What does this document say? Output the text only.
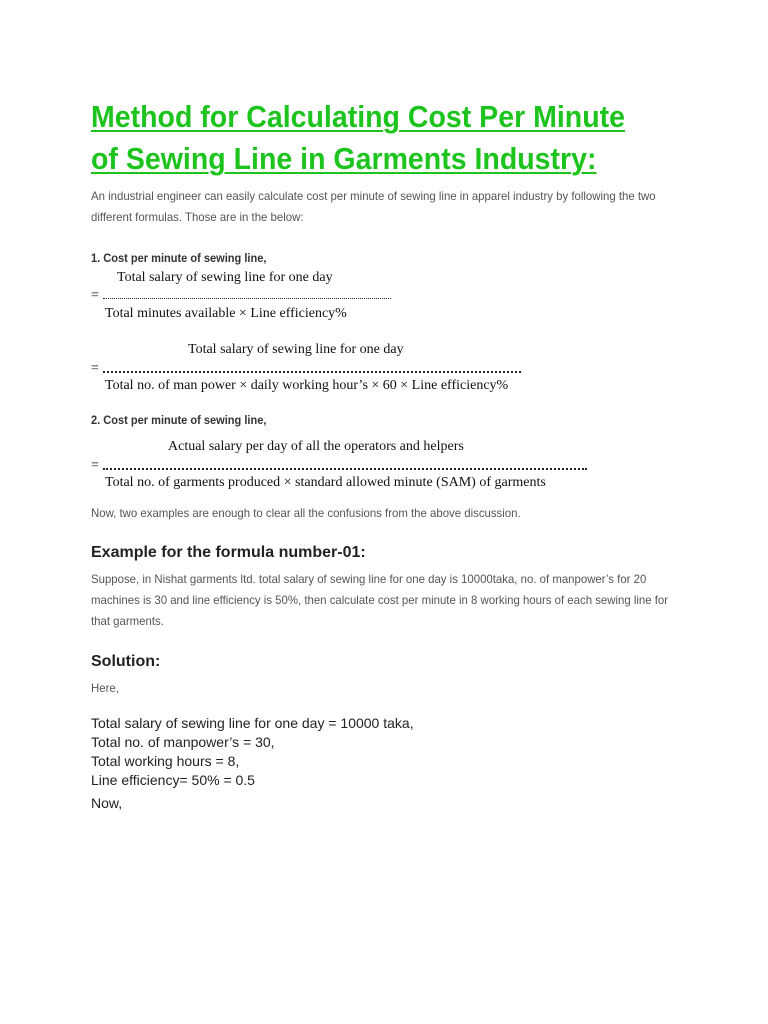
Method for Calculating Cost Per Minute
of Sewing Line in Garments Industry:

An industrial engineer can easily calculate cost per minute of sewing line in apparel industry by following the two different formulas. Those are in the below:

1. Cost per minute of sewing line,

Total salary of sewing line for one day
=
Total minutes available × Line efficiency%
Total salary of sewing line for one day
=
Total no. of man power × daily working hour’s × 60 × Line efficiency%

2. Cost per minute of sewing line,

Actual salary per day of all the operators and helpers
=
Total no. of garments produced × standard allowed minute (SAM) of garments

Now, two examples are enough to clear all the confusions from the above discussion.

Example for the formula number-01:

Suppose, in Nishat garments ltd. total salary of sewing line for one day is 10000taka, no. of manpower’s for 20 machines is 30 and line efficiency is 50%, then calculate cost per minute in 8 working hours of each sewing line for that garments.

Solution:

Here,

Total salary of sewing line for one day = 10000 taka,
Total no. of manpower’s = 30,
Total working hours = 8,
Line efficiency= 50% = 0.5

Now,
